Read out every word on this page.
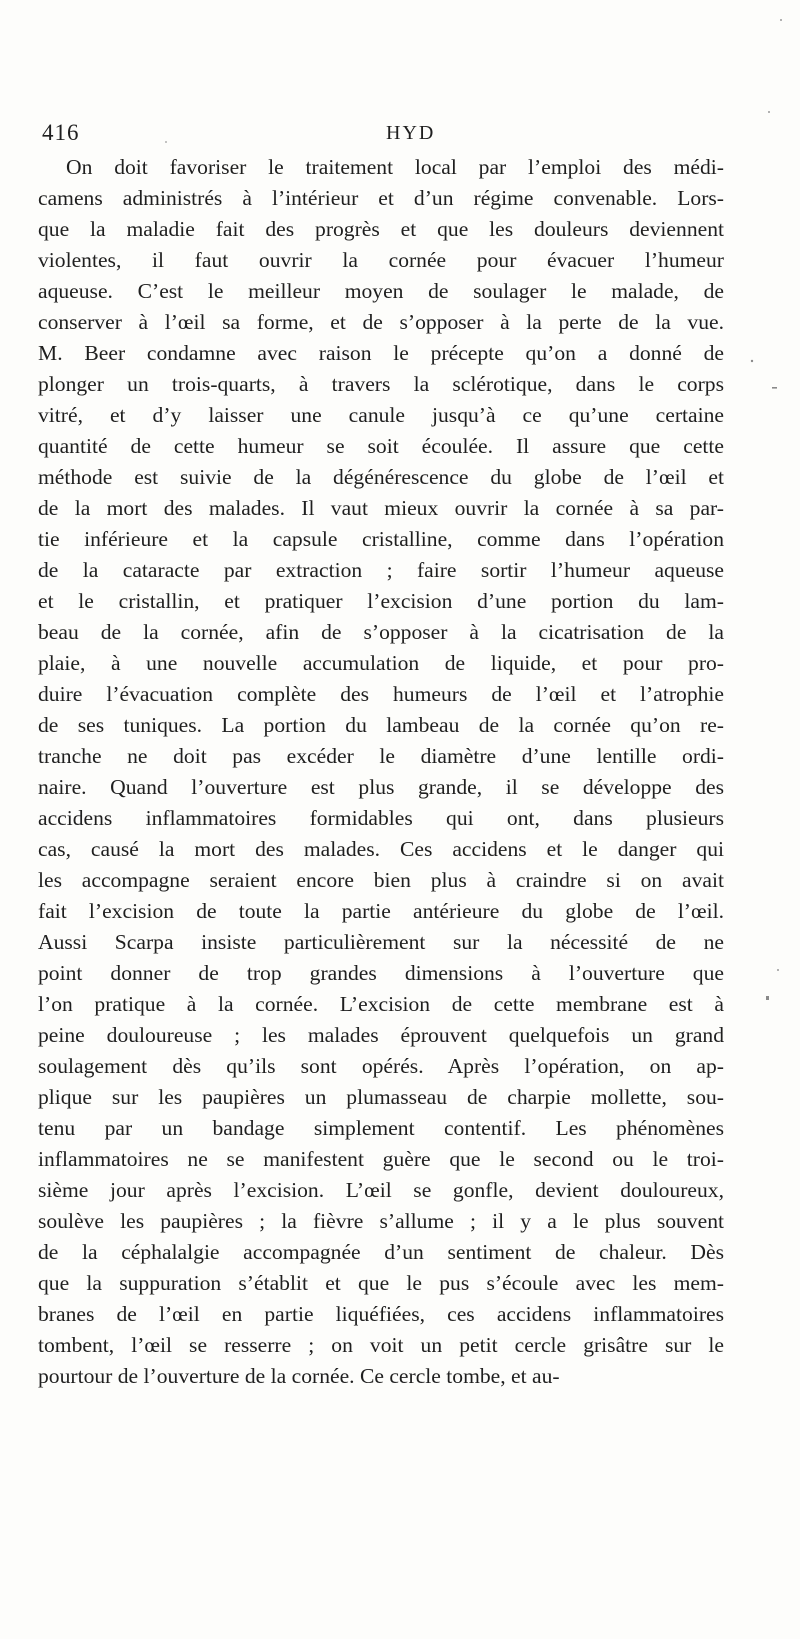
416	HYD
On doit favoriser le traitement local par l’emploi des médi-
camens administrés à l’intérieur et d’un régime convenable. Lors-
que la maladie fait des progrès et que les douleurs deviennent
violentes, il faut ouvrir la cornée pour évacuer l’humeur
aqueuse. C’est le meilleur moyen de soulager le malade, de
conserver à l’œil sa forme, et de s’opposer à la perte de la vue.
M. Beer condamne avec raison le précepte qu’on a donné de
plonger un trois-quarts, à travers la sclérotique, dans le corps
vitré, et d’y laisser une canule jusqu’à ce qu’une certaine
quantité de cette humeur se soit écoulée. Il assure que cette
méthode est suivie de la dégénérescence du globe de l’œil et
de la mort des malades. Il vaut mieux ouvrir la cornée à sa par-
tie inférieure et la capsule cristalline, comme dans l’opération
de la cataracte par extraction ; faire sortir l’humeur aqueuse
et le cristallin, et pratiquer l’excision d’une portion du lam-
beau de la cornée, afin de s’opposer à la cicatrisation de la
plaie, à une nouvelle accumulation de liquide, et pour pro-
duire l’évacuation complète des humeurs de l’œil et l’atrophie
de ses tuniques. La portion du lambeau de la cornée qu’on re-
tranche ne doit pas excéder le diamètre d’une lentille ordi-
naire. Quand l’ouverture est plus grande, il se développe des
accidens inflammatoires formidables qui ont, dans plusieurs
cas, causé la mort des malades. Ces accidens et le danger qui
les accompagne seraient encore bien plus à craindre si on avait
fait l’excision de toute la partie antérieure du globe de l’œil.
Aussi Scarpa insiste particulièrement sur la nécessité de ne
point donner de trop grandes dimensions à l’ouverture que
l’on pratique à la cornée. L’excision de cette membrane est à
peine douloureuse ; les malades éprouvent quelquefois un grand
soulagement dès qu’ils sont opérés. Après l’opération, on ap-
plique sur les paupières un plumasseau de charpie mollette, sou-
tenu par un bandage simplement contentif. Les phénomènes
inflammatoires ne se manifestent guère que le second ou le troi-
sième jour après l’excision. L’œil se gonfle, devient douloureux,
soulève les paupières ; la fièvre s’allume ; il y a le plus souvent
de la céphalalgie accompagnée d’un sentiment de chaleur. Dès
que la suppuration s’établit et que le pus s’écoule avec les mem-
branes de l’œil en partie liquéfiées, ces accidens inflammatoires
tombent, l’œil se resserre ; on voit un petit cercle grisâtre sur le
pourtour de l’ouverture de la cornée. Ce cercle tombe, et au-
